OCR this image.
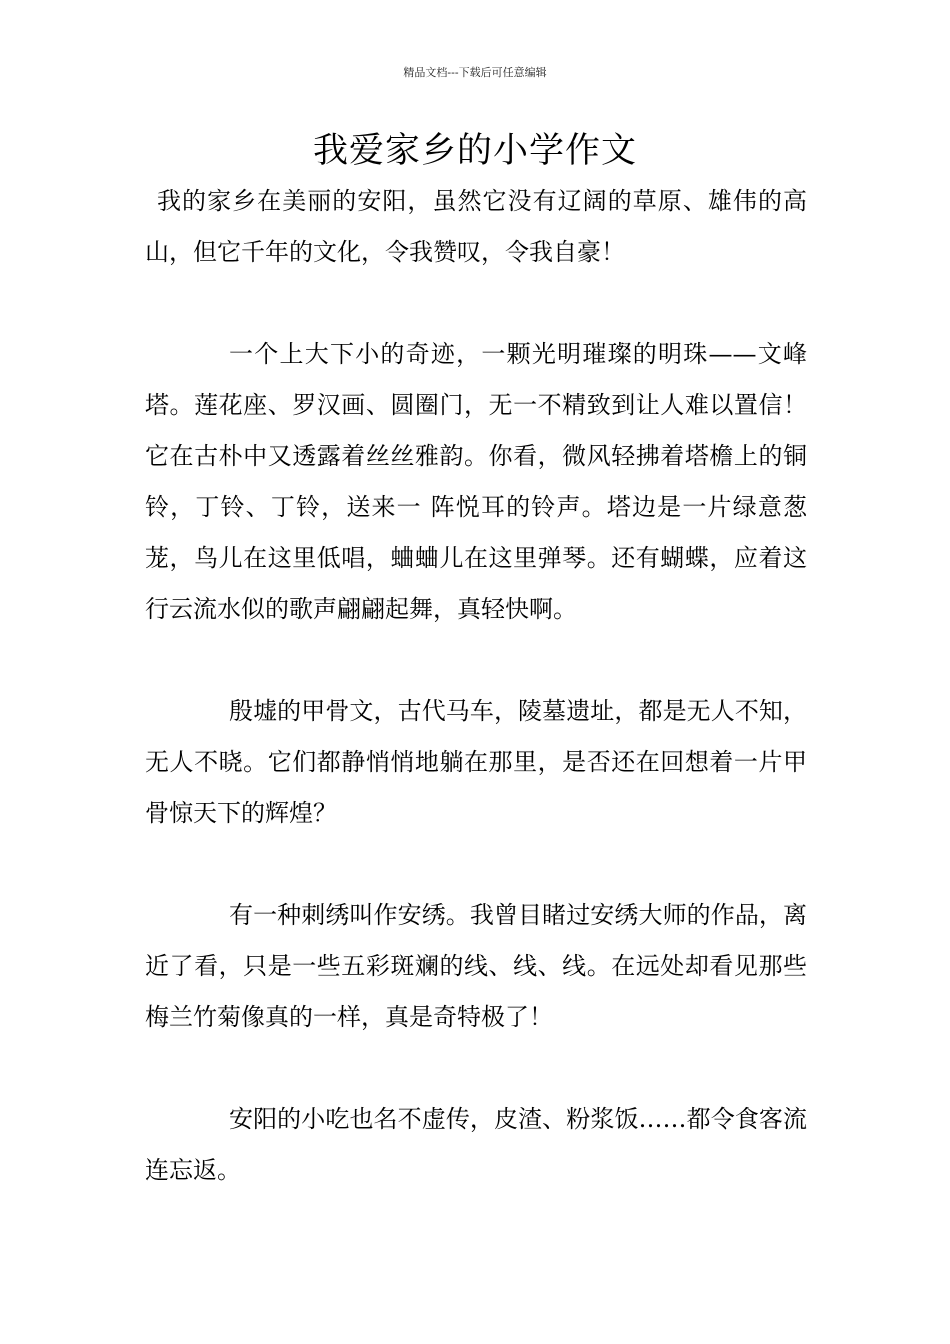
精品文档---下载后可任意编辑
我爱家乡的小学作文

我的家乡在美丽的安阳，虽然它没有辽阔的草原、雄伟的高山，但它千年的文化，令我赞叹，令我自豪！

一个上大下小的奇迹，一颗光明璀璨的明珠——文峰塔。莲花座、罗汉画、圆圈门，无一不精致到让人难以置信！它在古朴中又透露着丝丝雅韵。你看，微风轻拂着塔檐上的铜铃，丁铃、丁铃，送来一 阵悦耳的铃声。塔边是一片绿意葱茏，鸟儿在这里低唱，蛐蛐儿在这里弹琴。还有蝴蝶，应着这行云流水似的歌声翩翩起舞，真轻快啊。

殷墟的甲骨文，古代马车，陵墓遗址，都是无人不知，无人不晓。它们都静悄悄地躺在那里，是否还在回想着一片甲骨惊天下的辉煌？

有一种刺绣叫作安绣。我曾目睹过安绣大师的作品，离近了看，只是一些五彩斑斓的线、线、线。在远处却看见那些梅兰竹菊像真的一样，真是奇特极了！

安阳的小吃也名不虚传，皮渣、粉浆饭……都令食客流连忘返。
